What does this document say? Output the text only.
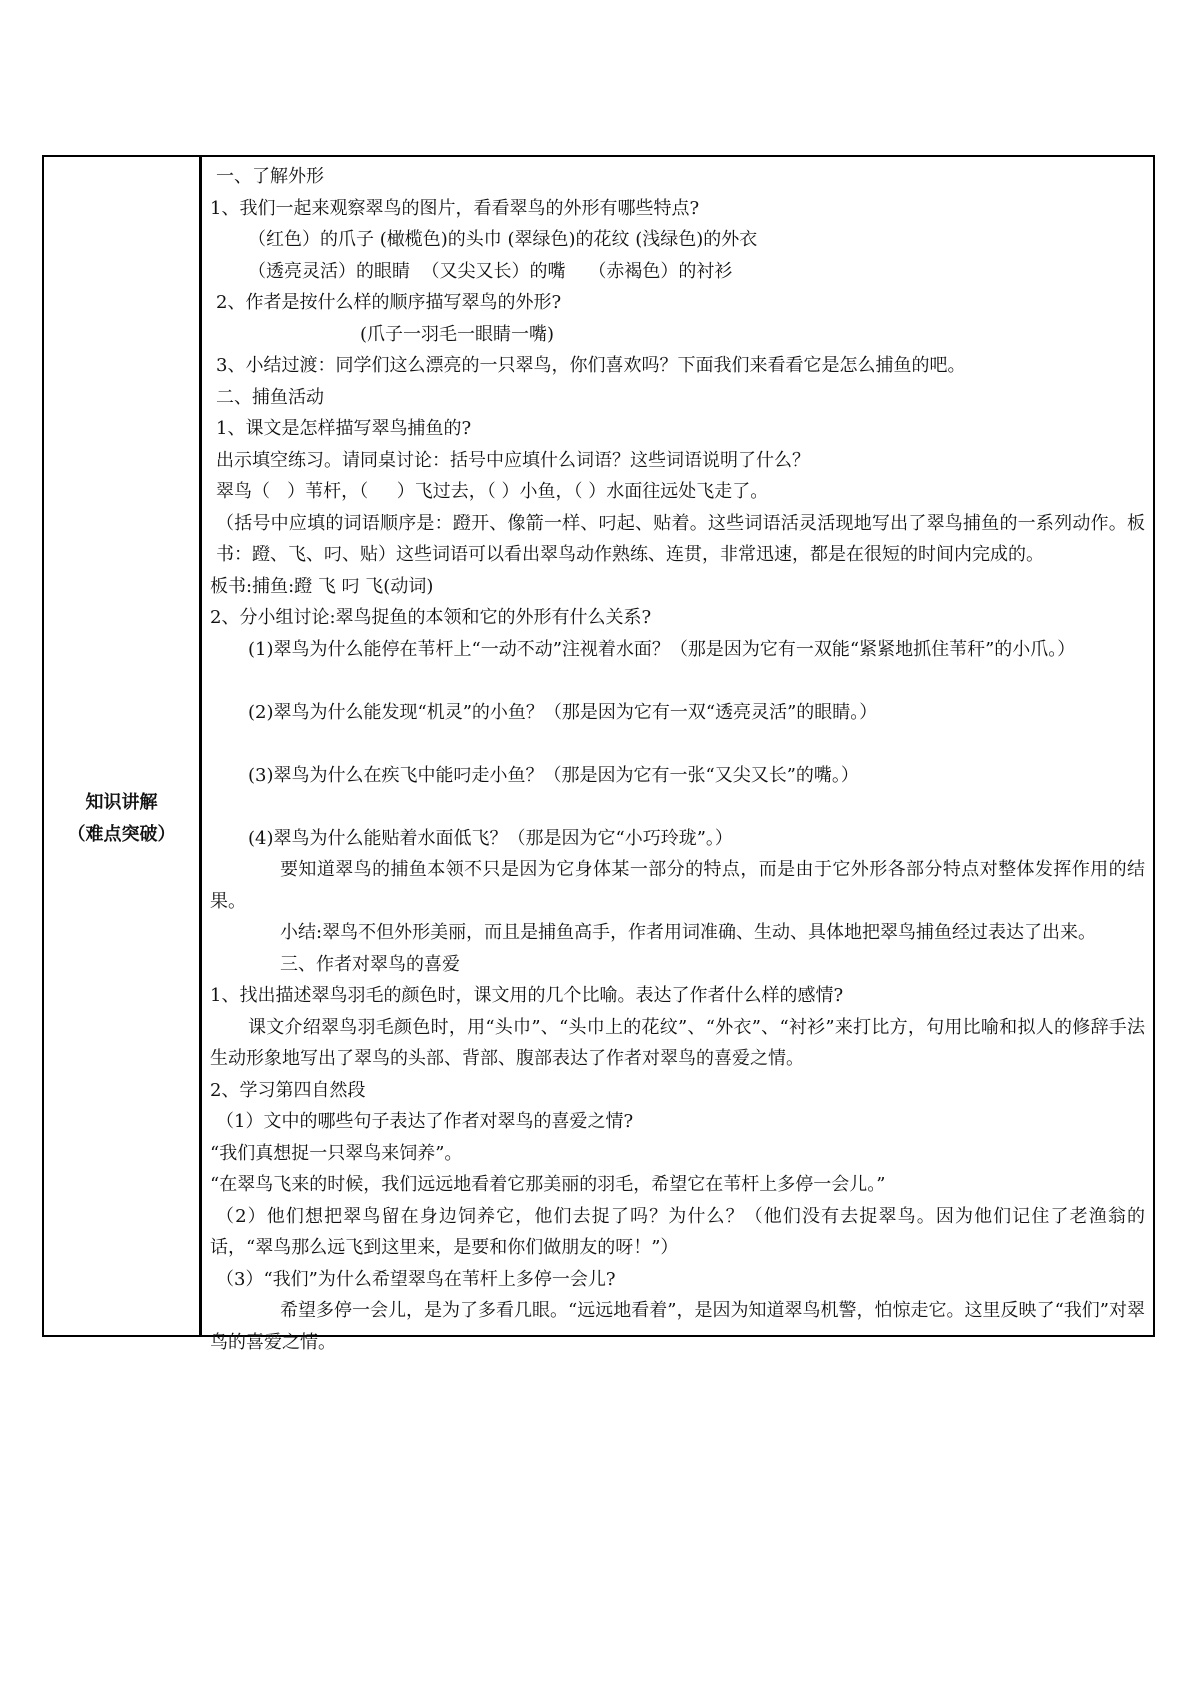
知识讲解
（难点突破）

一、了解外形

1、我们一起来观察翠鸟的图片，看看翠鸟的外形有哪些特点?

（红色）的爪子 (橄榄色)的头巾 (翠绿色)的花纹 (浅绿色)的外衣

（透亮灵活）的眼睛  （又尖又长）的嘴    （赤褐色）的衬衫

2、作者是按什么样的顺序描写翠鸟的外形?

(爪子一羽毛一眼睛一嘴)

3、小结过渡：同学们这么漂亮的一只翠鸟，你们喜欢吗？下面我们来看看它是怎么捕鱼的吧。

二、捕鱼活动

1、课文是怎样描写翠鸟捕鱼的?

出示填空练习。请同桌讨论：括号中应填什么词语？这些词语说明了什么？

翠鸟（   ）苇杆，（     ）飞过去，（ ）小鱼，（ ）水面往远处飞走了。

（括号中应填的词语顺序是：蹬开、像箭一样、叼起、贴着。这些词语活灵活现地写出了翠鸟捕鱼的一系列动作。板书：蹬、飞、叼、贴）这些词语可以看出翠鸟动作熟练、连贯，非常迅速，都是在很短的时间内完成的。

板书:捕鱼:蹬 飞 叼 飞(动词)

2、分小组讨论:翠鸟捉鱼的本领和它的外形有什么关系?

(1)翠鸟为什么能停在苇杆上“一动不动”注视着水面？（那是因为它有一双能“紧紧地抓住苇秆”的小爪。）

(2)翠鸟为什么能发现“机灵”的小鱼？（那是因为它有一双“透亮灵活”的眼睛。）

(3)翠鸟为什么在疾飞中能叼走小鱼？（那是因为它有一张“又尖又长”的嘴。）

(4)翠鸟为什么能贴着水面低飞？（那是因为它“小巧玲珑”。）

要知道翠鸟的捕鱼本领不只是因为它身体某一部分的特点，而是由于它外形各部分特点对整体发挥作用的结果。

小结:翠鸟不但外形美丽，而且是捕鱼高手，作者用词准确、生动、具体地把翠鸟捕鱼经过表达了出来。

三、作者对翠鸟的喜爱

1、找出描述翠鸟羽毛的颜色时，课文用的几个比喻。表达了作者什么样的感情?

课文介绍翠鸟羽毛颜色时，用“头巾”、“头巾上的花纹”、“外衣”、“衬衫”来打比方，句用比喻和拟人的修辞手法生动形象地写出了翠鸟的头部、背部、腹部表达了作者对翠鸟的喜爱之情。

2、学习第四自然段

（1）文中的哪些句子表达了作者对翠鸟的喜爱之情?

“我们真想捉一只翠鸟来饲养”。

“在翠鸟飞来的时候，我们远远地看着它那美丽的羽毛，希望它在苇杆上多停一会儿。”

（2）他们想把翠鸟留在身边饲养它，他们去捉了吗？为什么？（他们没有去捉翠鸟。因为他们记住了老渔翁的话，“翠鸟那么远飞到这里来，是要和你们做朋友的呀！”）

（3）“我们”为什么希望翠鸟在苇杆上多停一会儿?

希望多停一会儿，是为了多看几眼。“远远地看着”，是因为知道翠鸟机警，怕惊走它。这里反映了“我们”对翠鸟的喜爱之情。
